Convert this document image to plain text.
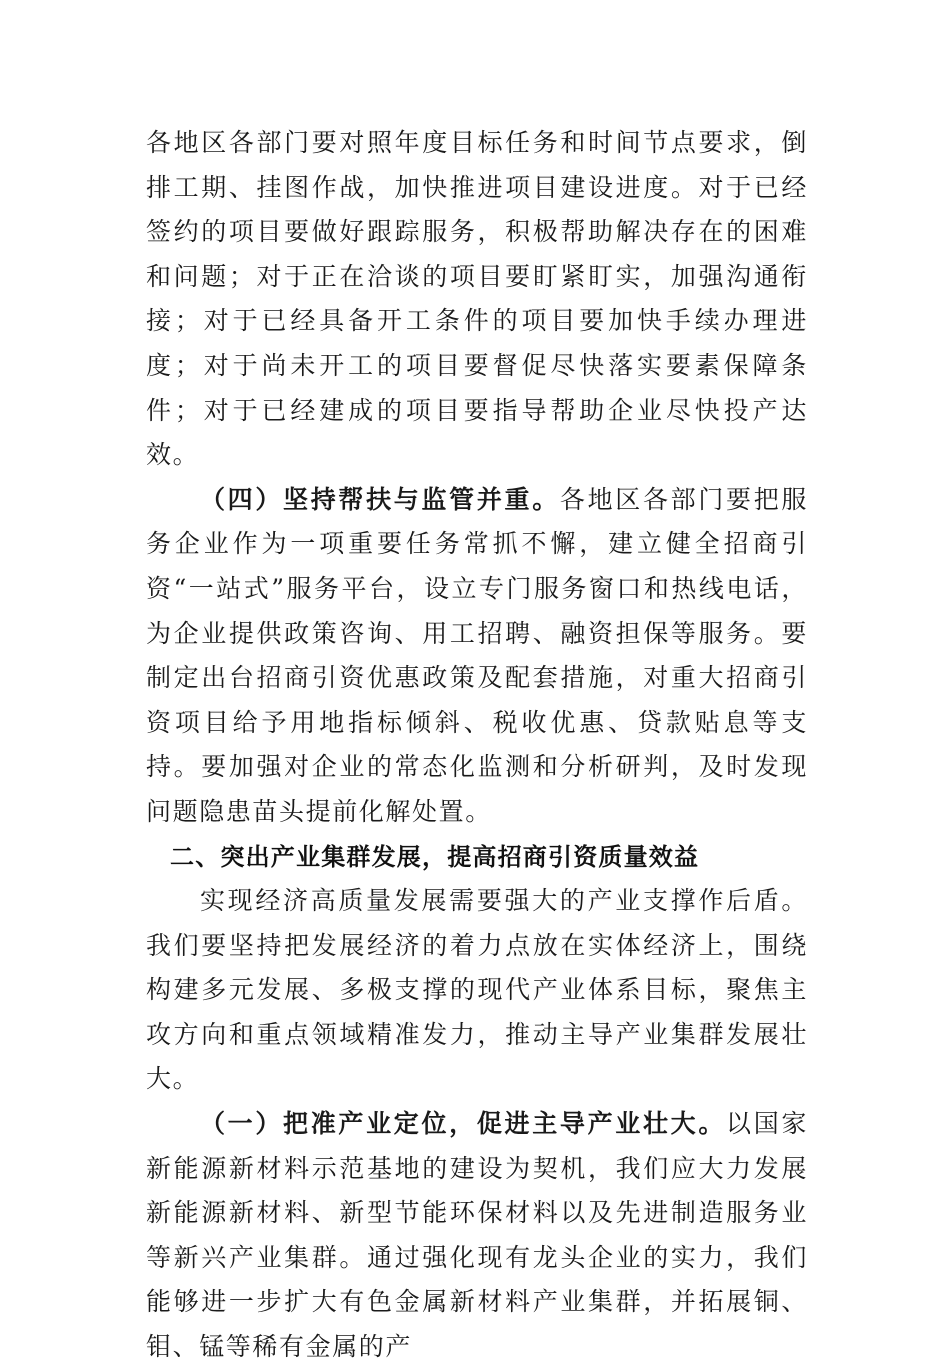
各地区各部门要对照年度目标任务和时间节点要求，倒排工期、挂图作战，加快推进项目建设进度。对于已经签约的项目要做好跟踪服务，积极帮助解决存在的困难和问题；对于正在洽谈的项目要盯紧盯实，加强沟通衔接；对于已经具备开工条件的项目要加快手续办理进度；对于尚未开工的项目要督促尽快落实要素保障条件；对于已经建成的项目要指导帮助企业尽快投产达效。

（四）坚持帮扶与监管并重。各地区各部门要把服务企业作为一项重要任务常抓不懈，建立健全招商引资“一站式”服务平台，设立专门服务窗口和热线电话，为企业提供政策咨询、用工招聘、融资担保等服务。要制定出台招商引资优惠政策及配套措施，对重大招商引资项目给予用地指标倾斜、税收优惠、贷款贴息等支持。要加强对企业的常态化监测和分析研判，及时发现问题隐患苗头提前化解处置。

二、突出产业集群发展，提高招商引资质量效益

实现经济高质量发展需要强大的产业支撑作后盾。我们要坚持把发展经济的着力点放在实体经济上，围绕构建多元发展、多极支撑的现代产业体系目标，聚焦主攻方向和重点领域精准发力，推动主导产业集群发展壮大。

（一）把准产业定位，促进主导产业壮大。以国家新能源新材料示范基地的建设为契机，我们应大力发展新能源新材料、新型节能环保材料以及先进制造服务业等新兴产业集群。通过强化现有龙头企业的实力，我们能够进一步扩大有色金属新材料产业集群，并拓展铜、钼、锰等稀有金属的产
